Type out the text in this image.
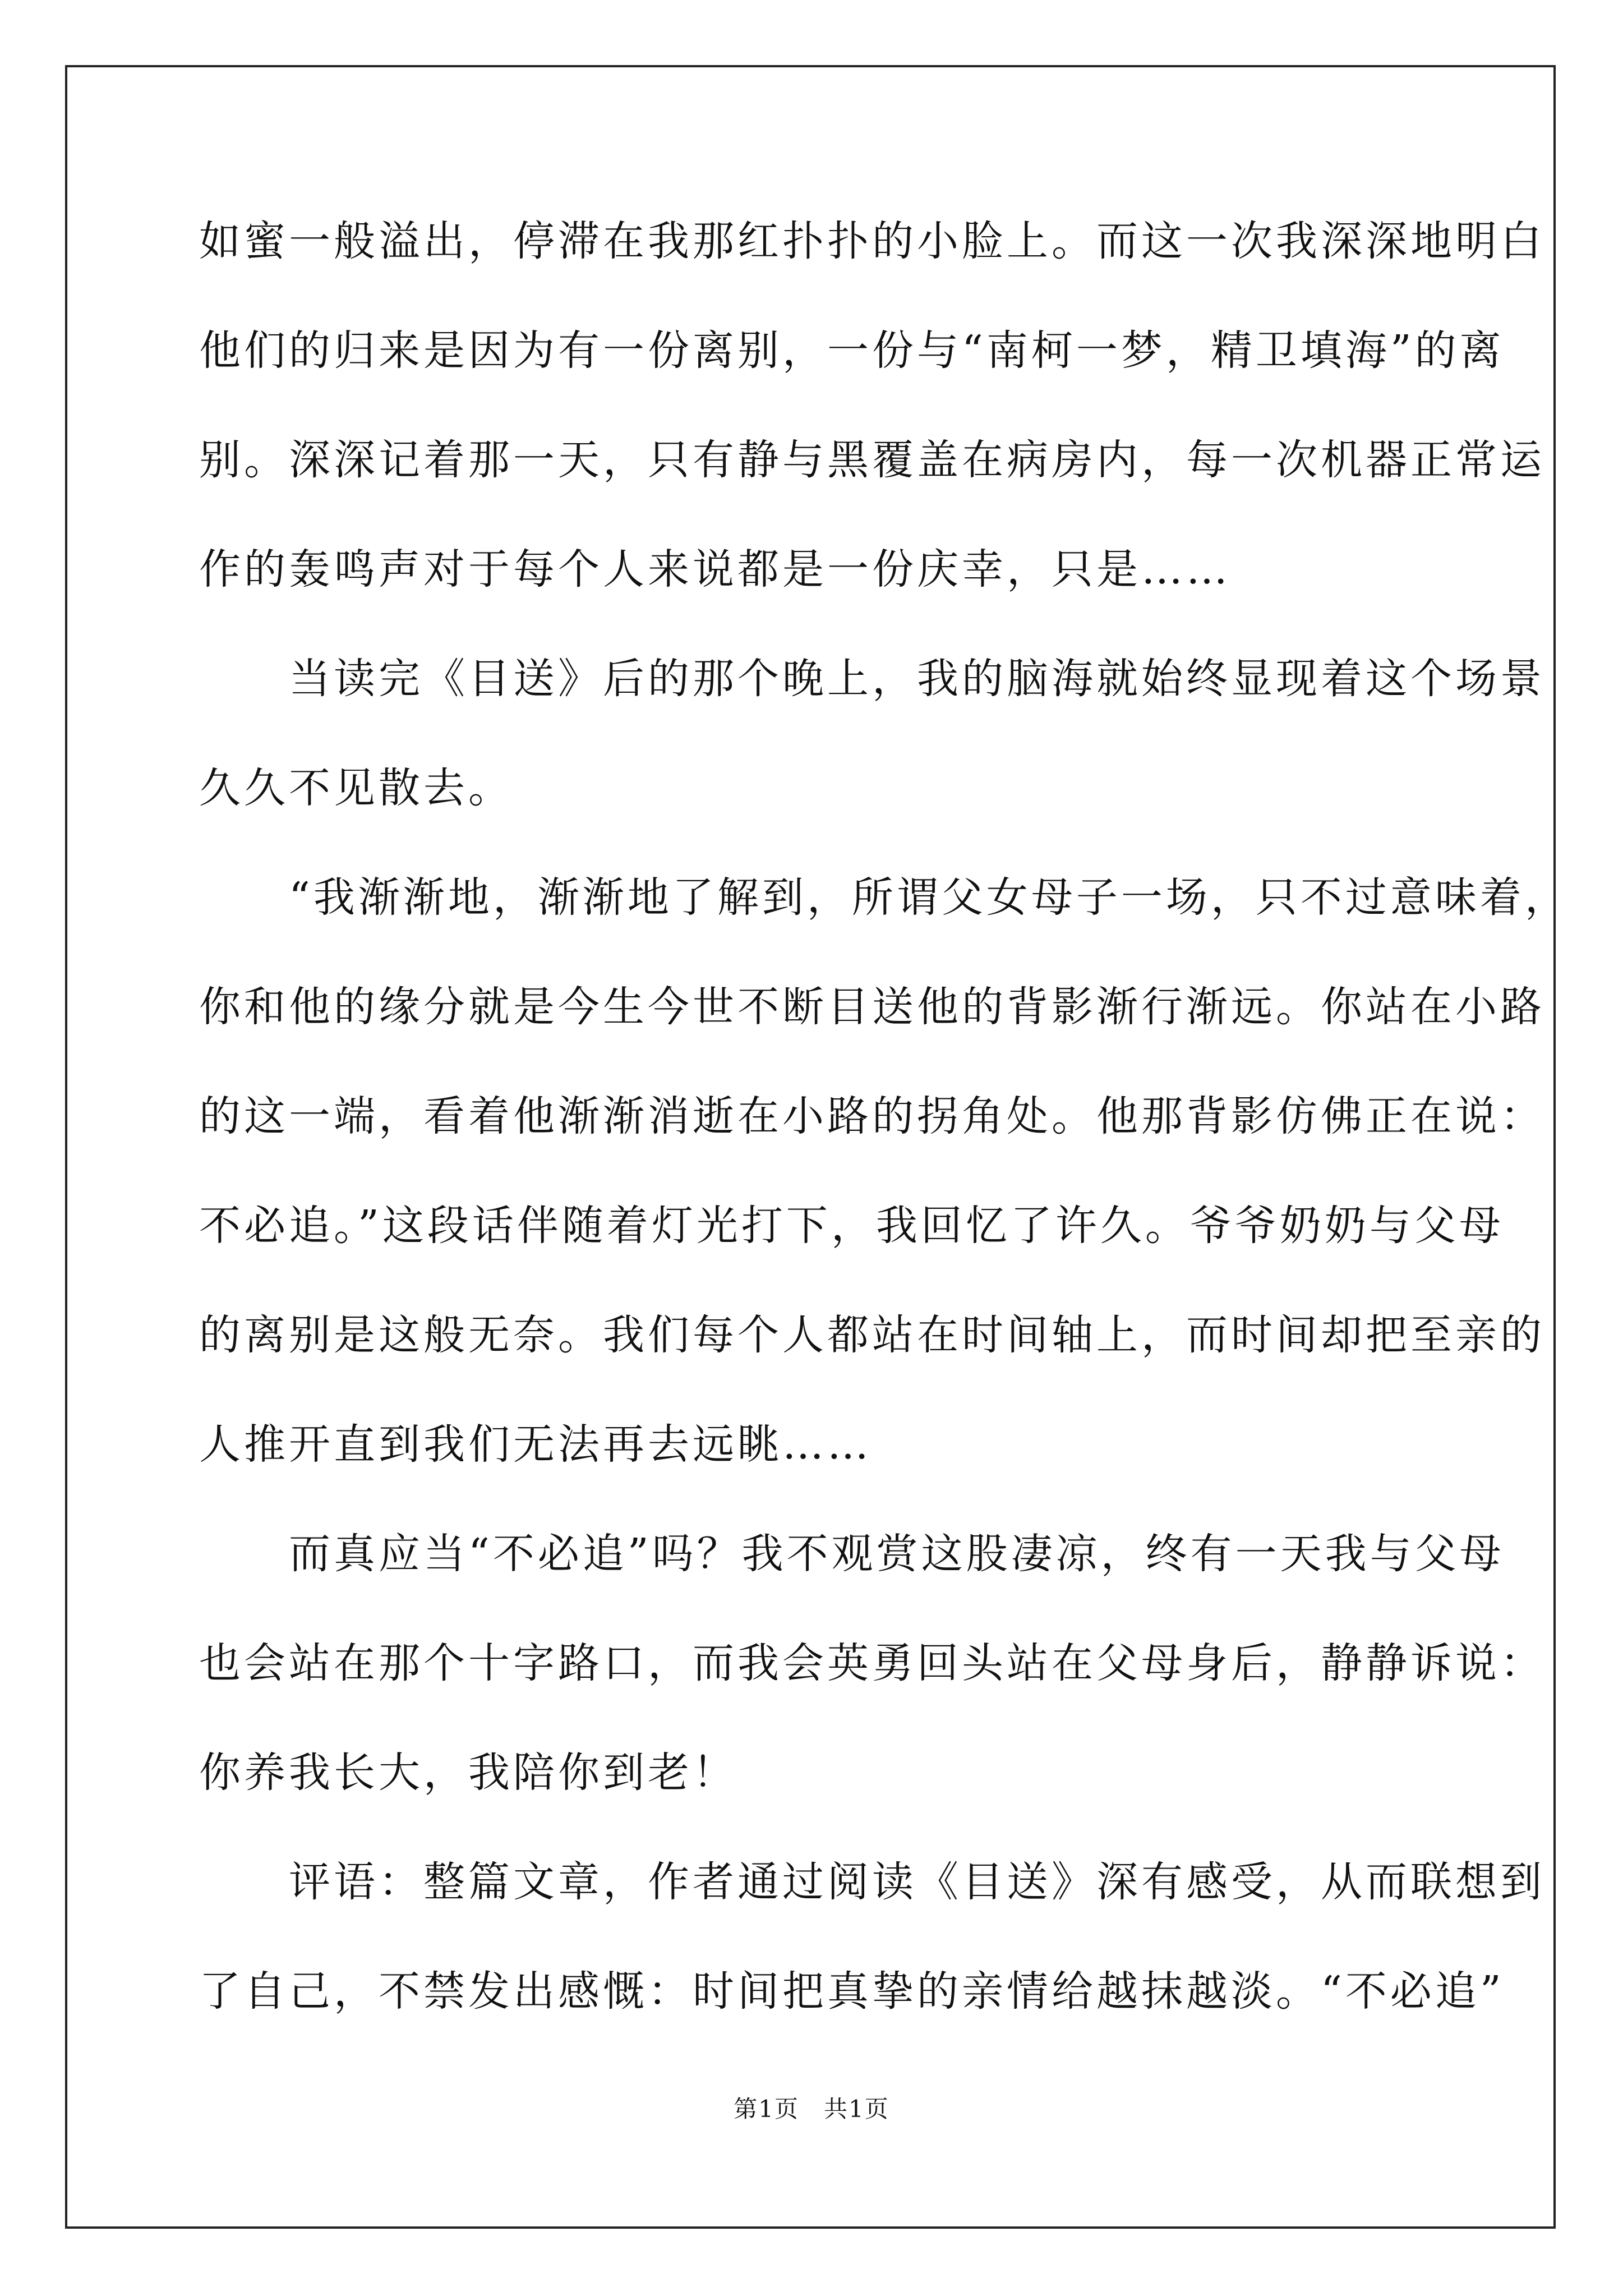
如蜜一般溢出，停滞在我那红扑扑的小脸上。而这一次我深深地明白
他们的归来是因为有一份离别，一份与“南柯一梦，精卫填海”的离
别。深深记着那一天，只有静与黑覆盖在病房内，每一次机器正常运
作的轰鸣声对于每个人来说都是一份庆幸，只是……
　　当读完《目送》后的那个晚上，我的脑海就始终显现着这个场景
久久不见散去。
　　“我渐渐地，渐渐地了解到，所谓父女母子一场，只不过意味着，
你和他的缘分就是今生今世不断目送他的背影渐行渐远。你站在小路
的这一端，看着他渐渐消逝在小路的拐角处。他那背影仿佛正在说：
不必追。”这段话伴随着灯光打下，我回忆了许久。爷爷奶奶与父母
的离别是这般无奈。我们每个人都站在时间轴上，而时间却把至亲的
人推开直到我们无法再去远眺……
　　而真应当“不必追”吗？我不观赏这股凄凉，终有一天我与父母
也会站在那个十字路口，而我会英勇回头站在父母身后，静静诉说：
你养我长大，我陪你到老！
　　评语：整篇文章，作者通过阅读《目送》深有感受，从而联想到
了自己，不禁发出感慨：时间把真挚的亲情给越抹越淡。“不必追”
第1页　共1页
